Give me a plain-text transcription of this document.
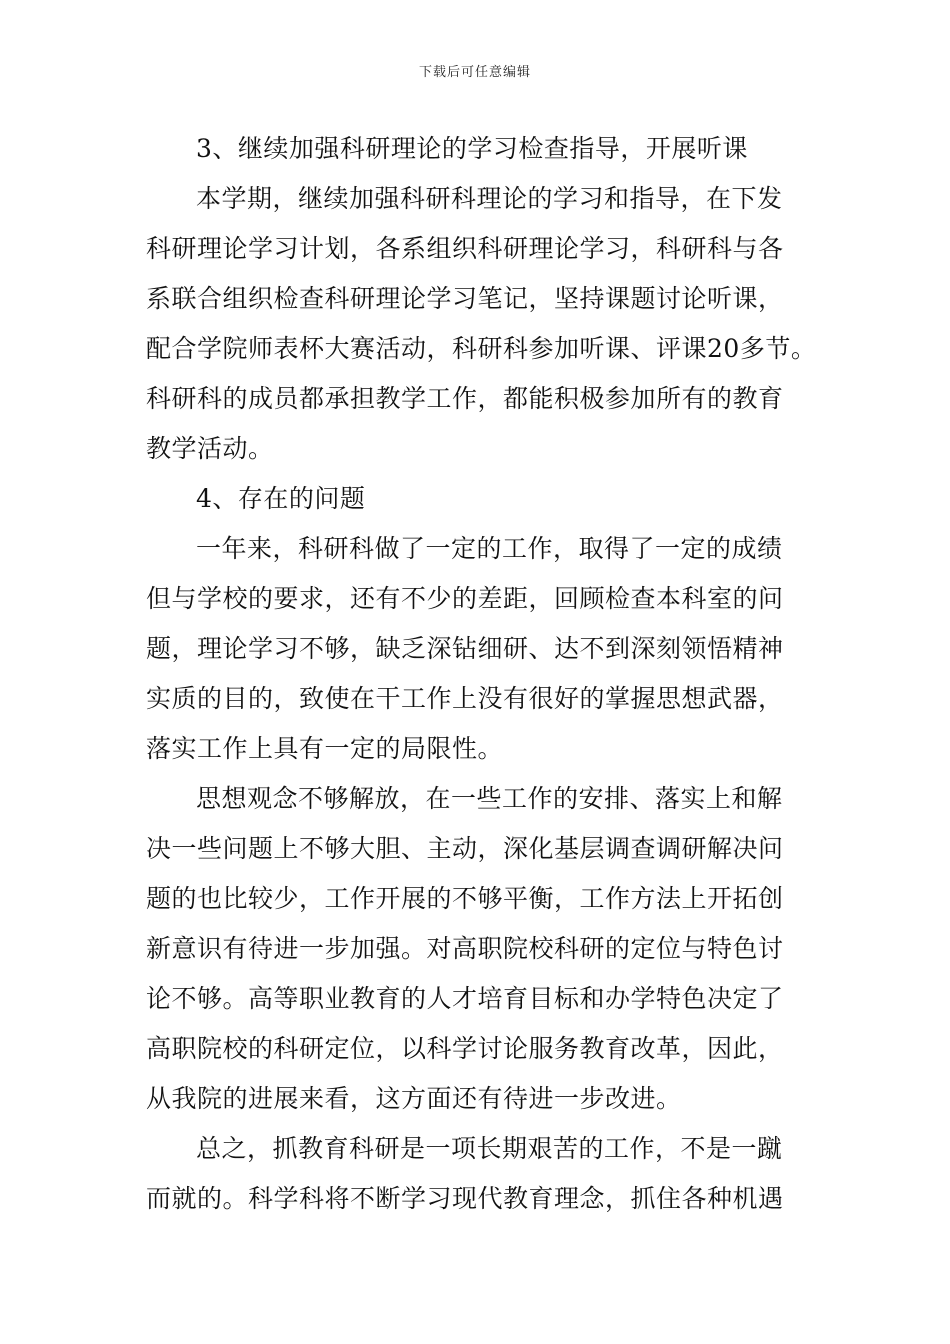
下载后可任意编辑
3、继续加强科研理论的学习检查指导，开展听课
本学期，继续加强科研科理论的学习和指导，在下发
科研理论学习计划，各系组织科研理论学习，科研科与各
系联合组织检查科研理论学习笔记，坚持课题讨论听课，
配合学院师表杯大赛活动，科研科参加听课、评课20多节。
科研科的成员都承担教学工作，都能积极参加所有的教育
教学活动。
4、存在的问题
一年来，科研科做了一定的工作，取得了一定的成绩
但与学校的要求，还有不少的差距，回顾检查本科室的问
题，理论学习不够，缺乏深钻细研、达不到深刻领悟精神
实质的目的，致使在干工作上没有很好的掌握思想武器，
落实工作上具有一定的局限性。
思想观念不够解放，在一些工作的安排、落实上和解
决一些问题上不够大胆、主动，深化基层调查调研解决问
题的也比较少，工作开展的不够平衡，工作方法上开拓创
新意识有待进一步加强。对高职院校科研的定位与特色讨
论不够。高等职业教育的人才培育目标和办学特色决定了
高职院校的科研定位，以科学讨论服务教育改革，因此，
从我院的进展来看，这方面还有待进一步改进。
总之，抓教育科研是一项长期艰苦的工作，不是一蹴
而就的。科学科将不断学习现代教育理念，抓住各种机遇
